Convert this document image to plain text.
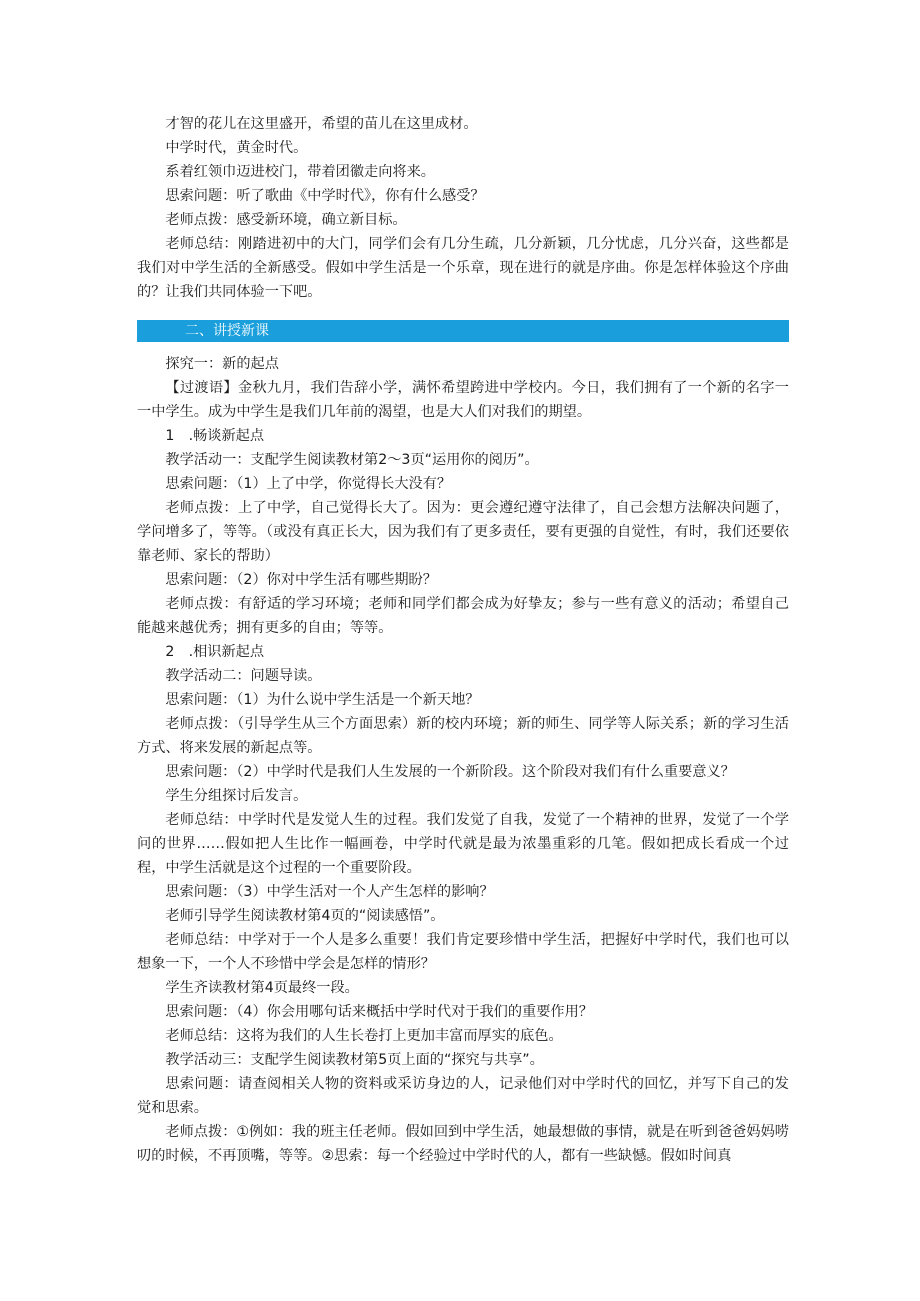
才智的花儿在这里盛开，希望的苗儿在这里成材。

中学时代，黄金时代。

系着红领巾迈进校门，带着团徽走向将来。

思索问题：听了歌曲《中学时代》，你有什么感受？

老师点拨：感受新环境，确立新目标。

老师总结：刚踏进初中的大门，同学们会有几分生疏，几分新颖，几分忧虑，几分兴奋，这些都是我们对中学生活的全新感受。假如中学生活是一个乐章，现在进行的就是序曲。你是怎样体验这个序曲的？让我们共同体验一下吧。

二、讲授新课

探究一：新的起点

【过渡语】金秋九月，我们告辞小学，满怀希望跨进中学校内。今日，我们拥有了一个新的名字一一中学生。成为中学生是我们几年前的渴望，也是大人们对我们的期望。

1　.畅谈新起点

教学活动一：支配学生阅读教材第2～3页“运用你的阅历”。

思索问题：（1）上了中学，你觉得长大没有？

老师点拨：上了中学，自己觉得长大了。因为：更会遵纪遵守法律了，自己会想方法解决问题了，学问增多了，等等。（或没有真正长大，因为我们有了更多责任，要有更强的自觉性，有时，我们还要依靠老师、家长的帮助）

思索问题：（2）你对中学生活有哪些期盼？

老师点拨：有舒适的学习环境；老师和同学们都会成为好挚友；参与一些有意义的活动；希望自己能越来越优秀；拥有更多的自由；等等。

2　.相识新起点

教学活动二：问题导读。

思索问题：（1）为什么说中学生活是一个新天地？

老师点拨：（引导学生从三个方面思索）新的校内环境；新的师生、同学等人际关系；新的学习生活方式、将来发展的新起点等。

思索问题：（2）中学时代是我们人生发展的一个新阶段。这个阶段对我们有什么重要意义？

学生分组探讨后发言。

老师总结：中学时代是发觉人生的过程。我们发觉了自我，发觉了一个精神的世界，发觉了一个学问的世界……假如把人生比作一幅画卷，中学时代就是最为浓墨重彩的几笔。假如把成长看成一个过程，中学生活就是这个过程的一个重要阶段。

思索问题：（3）中学生活对一个人产生怎样的影响？

老师引导学生阅读教材第4页的“阅读感悟”。

老师总结：中学对于一个人是多么重要！我们肯定要珍惜中学生活，把握好中学时代，我们也可以想象一下，一个人不珍惜中学会是怎样的情形？

学生齐读教材第4页最终一段。

思索问题：（4）你会用哪句话来概括中学时代对于我们的重要作用？

老师总结：这将为我们的人生长卷打上更加丰富而厚实的底色。

教学活动三：支配学生阅读教材第5页上面的“探究与共享”。

思索问题：请查阅相关人物的资料或采访身边的人，记录他们对中学时代的回忆，并写下自己的发觉和思索。

老师点拨：①例如：我的班主任老师。假如回到中学生活，她最想做的事情，就是在听到爸爸妈妈唠叨的时候，不再顶嘴，等等。②思索：每一个经验过中学时代的人，都有一些缺憾。假如时间真
